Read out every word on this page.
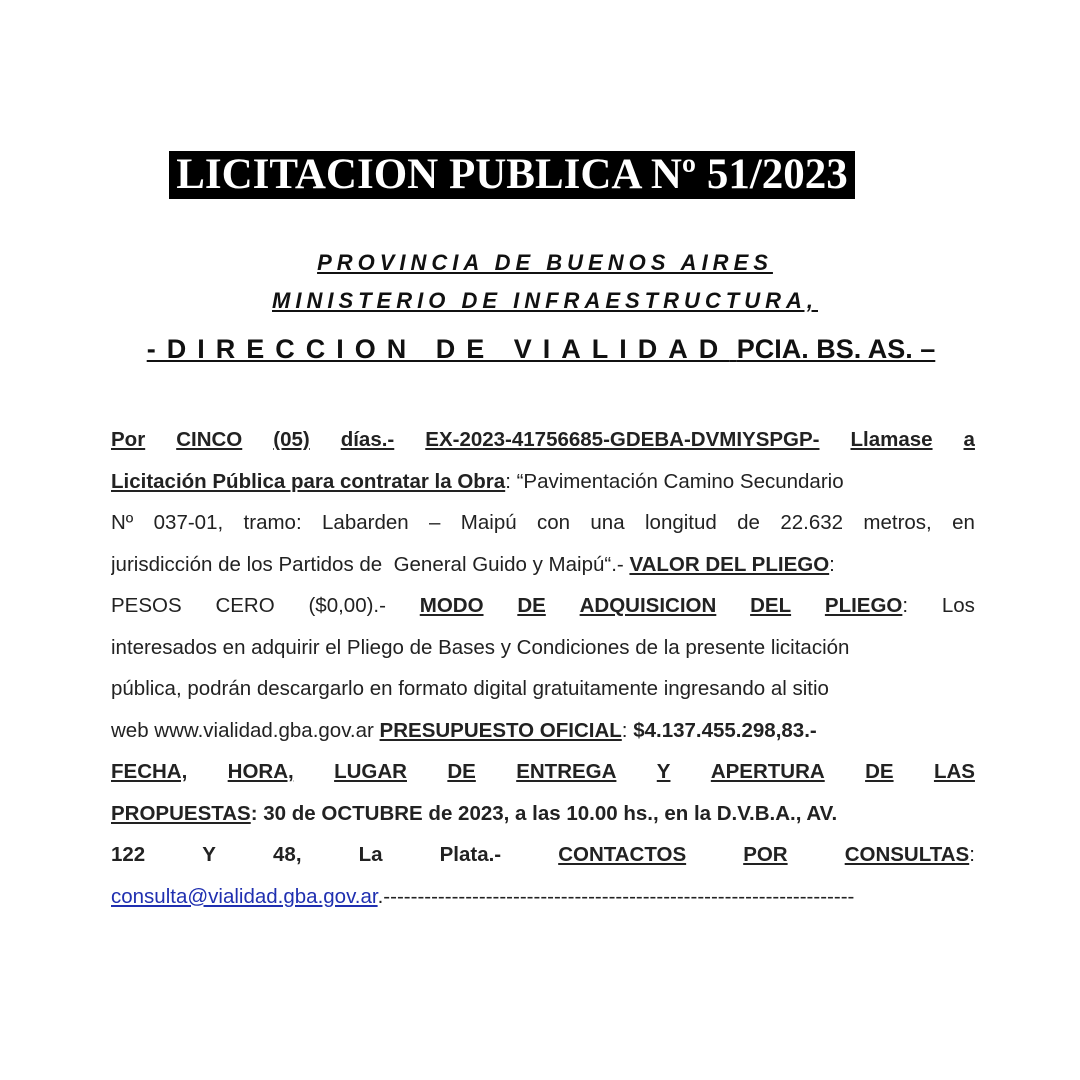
LICITACION PUBLICA Nº 51/2023
PROVINCIA DE BUENOS AIRES
MINISTERIO DE INFRAESTRUCTURA,
-DIRECCION DE VIALIDAD PCIA. BS. AS. –
Por CINCO (05) días.- EX-2023-41756685-GDEBA-DVMIYSPGP- Llamase a
Licitación Pública para contratar la Obra: “Pavimentación Camino Secundario
Nº 037-01, tramo: Labarden – Maipú con una longitud de 22.632 metros, en
jurisdicción de los Partidos de  General Guido y Maipú“.- VALOR DEL PLIEGO:
PESOS CERO ($0,00).- MODO DE ADQUISICION DEL PLIEGO: Los
interesados en adquirir el Pliego de Bases y Condiciones de la presente licitación
pública, podrán descargarlo en formato digital gratuitamente ingresando al sitio
web www.vialidad.gba.gov.ar PRESUPUESTO OFICIAL: $4.137.455.298,83.-
FECHA, HORA, LUGAR DE ENTREGA Y APERTURA DE LAS
PROPUESTAS: 30 de OCTUBRE de 2023, a las 10.00 hs., en la D.V.B.A., AV.
122	Y	48,	La	Plata.-	CONTACTOS	POR	CONSULTAS:
consulta@vialidad.gba.gov.ar.---------------------------------------------------------------------
